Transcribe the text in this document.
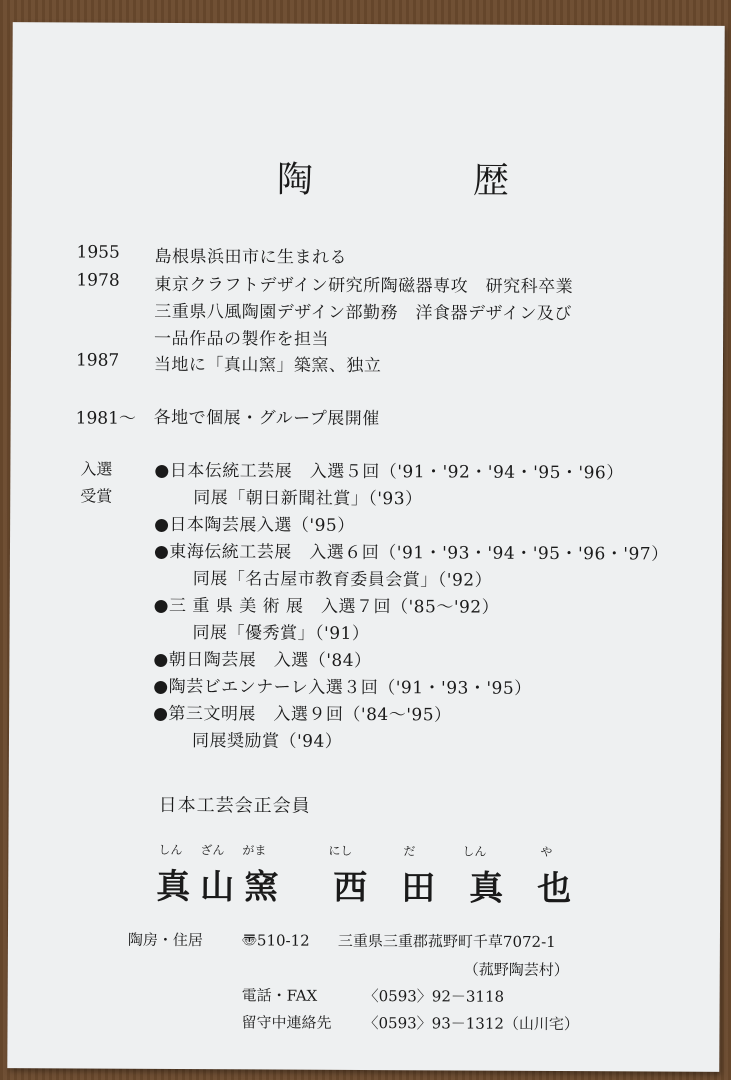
陶　歴
1955 島根県浜田市に生まれる
1978 東京クラフトデザイン研究所陶磁器専攻　研究科卒業
三重県八風陶園デザイン部勤務　洋食器デザイン及び
一品作品の製作を担当
1987 当地に「真山窯」築窯、独立
1981～ 各地で個展・グループ展開催
入選
受賞
●日本伝統工芸展　入選５回（'91・'92・'94・'95・'96）
同展「朝日新聞社賞」（'93）
●日本陶芸展入選（'95）
●東海伝統工芸展　入選６回（'91・'93・'94・'95・'96・'97）
同展「名古屋市教育委員会賞」（'92）
●三 重 県 美 術 展　入選７回（'85～'92）
同展「優秀賞」（'91）
●朝日陶芸展　入選（'84）
●陶芸ビエンナーレ入選３回（'91・'93・'95）
●第三文明展　入選９回（'84～'95）
同展奨励賞（'94）
日本工芸会正会員
しん ざん がま
真山窯
にし	だ	しん	や
西田真也
陶房・住居	〠510-12 三重県三重郡菰野町千草7072-1
（菰野陶芸村）
電話・FAX	〈0593〉92－3118
留守中連絡先 〈0593〉93－1312（山川宅）
